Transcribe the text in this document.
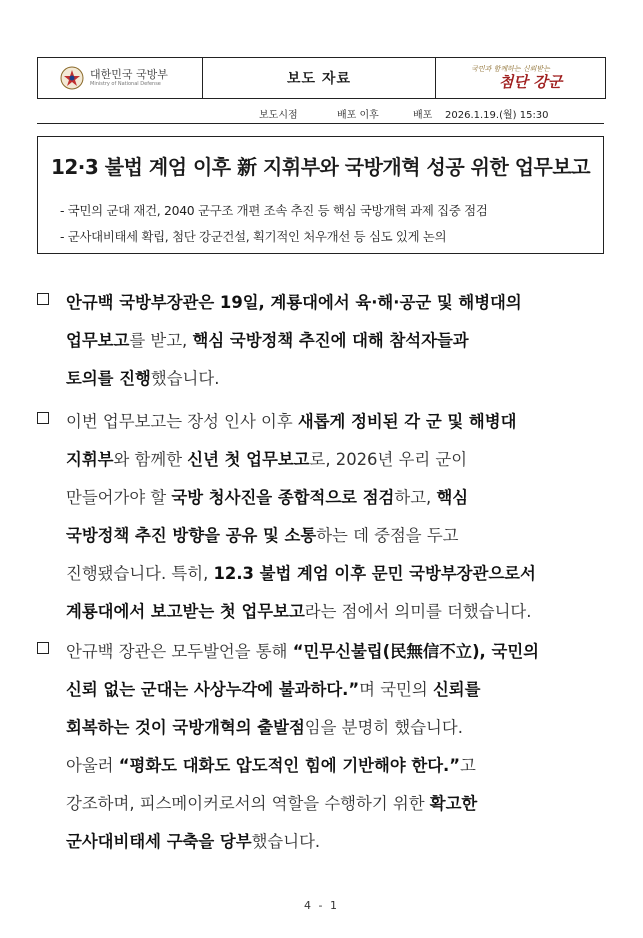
대한민국 국방부
Ministry of National Defense	보도 자료
국민과 함께하는 신뢰받는
첨단 강군
보도시점	배포 이후	배포 2026.1.19.(월) 15:30
12·3 불법 계엄 이후 新 지휘부와 국방개혁 성공 위한 업무보고
- 국민의 군대 재건, 2040 군구조 개편 조속 추진 등 핵심 국방개혁 과제 집중 점검
- 군사대비태세 확립, 첨단 강군건설, 획기적인 처우개선 등 심도 있게 논의
안규백 국방부장관은 19일, 계룡대에서 육·해·공군 및 해병대의
업무보고를 받고, 핵심 국방정책 추진에 대해 참석자들과
토의를 진행했습니다.
이번 업무보고는 장성 인사 이후 새롭게 정비된 각 군 및 해병대
지휘부와 함께한 신년 첫 업무보고로, 2026년 우리 군이
만들어가야 할 국방 청사진을 종합적으로 점검하고, 핵심
국방정책 추진 방향을 공유 및 소통하는 데 중점을 두고
진행됐습니다. 특히, 12.3 불법 계엄 이후 문민 국방부장관으로서
계룡대에서 보고받는 첫 업무보고라는 점에서 의미를 더했습니다.
안규백 장관은 모두발언을 통해 “민무신불립(民無信不立), 국민의
신뢰 없는 군대는 사상누각에 불과하다.”며 국민의 신뢰를
회복하는 것이 국방개혁의 출발점임을 분명히 했습니다.
아울러 “평화도 대화도 압도적인 힘에 기반해야 한다.”고
강조하며, 피스메이커로서의 역할을 수행하기 위한 확고한
군사대비태세 구축을 당부했습니다.
4 - 1
